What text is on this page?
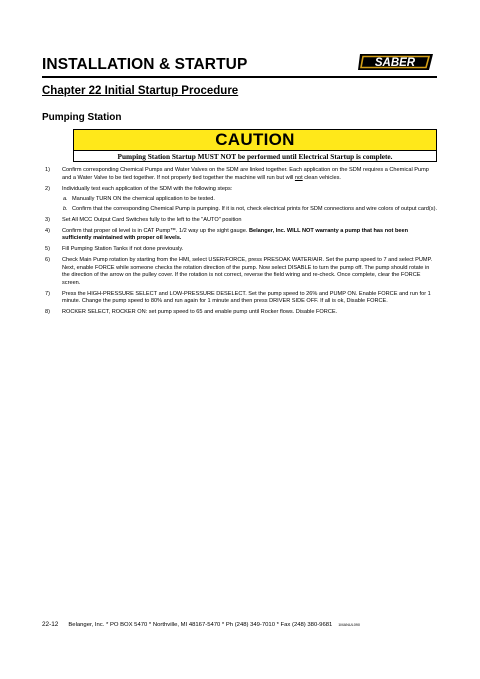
INSTALLATION & STARTUP	SABER
Chapter 22 Initial Startup Procedure
Pumping Station
CAUTION
Pumping Station Startup MUST NOT be performed until Electrical Startup is complete.
1)	Confirm corresponding Chemical Pumps and Water Valves on the SDM are linked together. Each application on the SDM requires a Chemical Pump and a Water Valve to be tied together. If not properly tied together the machine will run but will not clean vehicles.
2)	Individually test each application of the SDM with the following steps:
a. Manually TURN ON the chemical application to be tested.
b. Confirm that the corresponding Chemical Pump is pumping. If it is not, check electrical prints for SDM connections and wire colors of output card(s).
3)	Set All MCC Output Card Switches fully to the left to the "AUTO" position
4)	Confirm that proper oil level is in CAT Pump™. 1/2 way up the sight gauge. Belanger, Inc. WILL NOT warranty a pump that has not been sufficiently maintained with proper oil levels.
5)	Fill Pumping Station Tanks if not done previously.
6)	Check Main Pump rotation by starting from the HMI, select USER/FORCE, press PRESOAK WATER/AIR. Set the pump speed to 7 and select PUMP. Next, enable FORCE while someone checks the rotation direction of the pump. Now select DISABLE to turn the pump off. The pump should rotate in the direction of the arrow on the pulley cover. If the rotation is not correct, reverse the field wiring and re-check. Once complete, clear the FORCE screen.
7)	Press the HIGH-PRESSURE SELECT and LOW-PRESSURE DESELECT. Set the pump speed to 26% and PUMP ON. Enable FORCE and run for 1 minute. Change the pump speed to 80% and run again for 1 minute and then press DRIVER SIDE OFF. If all is ok, Disable FORCE.
8)	ROCKER SELECT, ROCKER ON: set pump speed to 65 and enable pump until Rocker flows. Disable FORCE.
22-12 Belanger, Inc. * PO BOX 5470 * Northville, MI 48167-5470 * Ph (248) 349-7010 * Fax (248) 380-9681 1MANUL090
